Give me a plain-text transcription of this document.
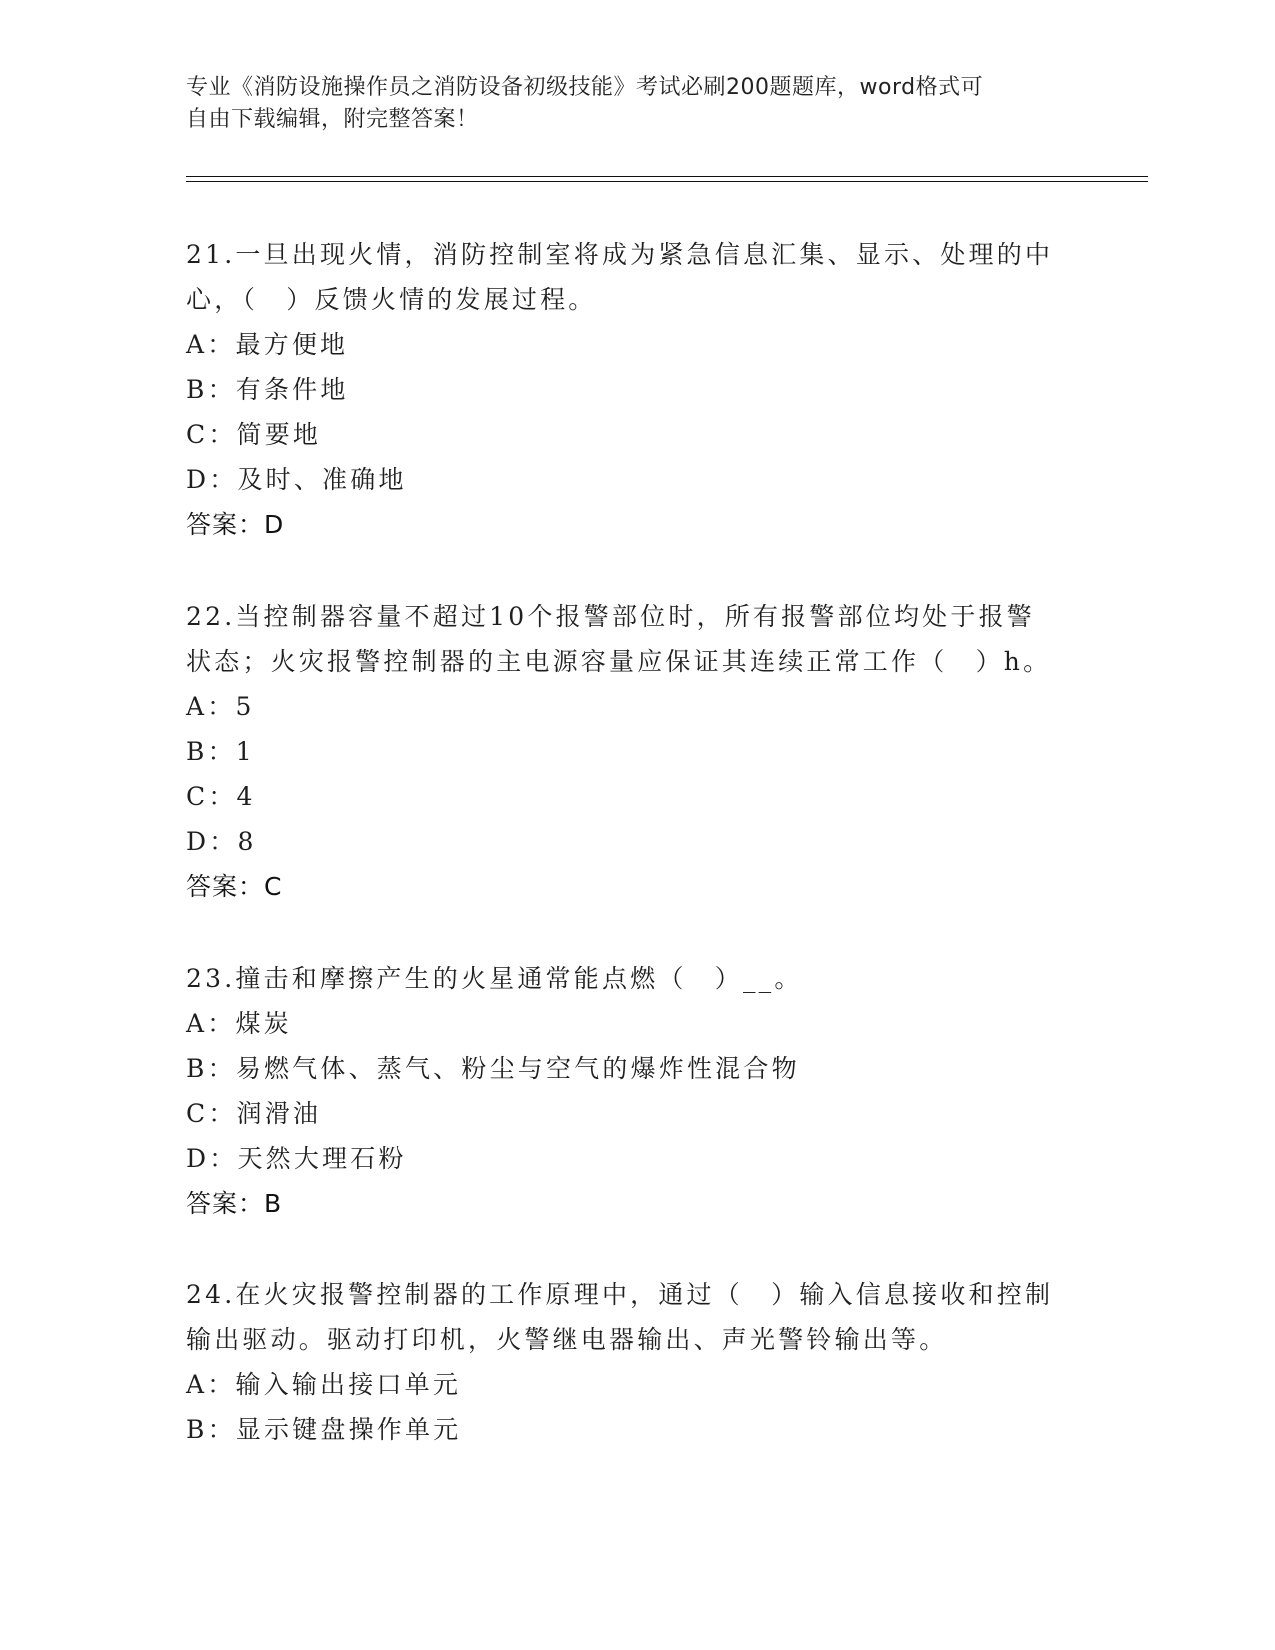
专业《消防设施操作员之消防设备初级技能》考试必刷200题题库，word格式可

自由下载编辑，附完整答案！

21.一旦出现火情，消防控制室将成为紧急信息汇集、显示、处理的中

心，（　）反馈火情的发展过程。

A：最方便地

B：有条件地

C：简要地

D：及时、准确地

答案：D

22.当控制器容量不超过10个报警部位时，所有报警部位均处于报警

状态；火灾报警控制器的主电源容量应保证其连续正常工作（　）h。

A：5

B：1

C：4

D：8

答案：C

23.撞击和摩擦产生的火星通常能点燃（　）__。

A：煤炭

B：易燃气体、蒸气、粉尘与空气的爆炸性混合物

C：润滑油

D：天然大理石粉

答案：B

24.在火灾报警控制器的工作原理中，通过（　）输入信息接收和控制

输出驱动。驱动打印机，火警继电器输出、声光警铃输出等。

A：输入输出接口单元

B：显示键盘操作单元
